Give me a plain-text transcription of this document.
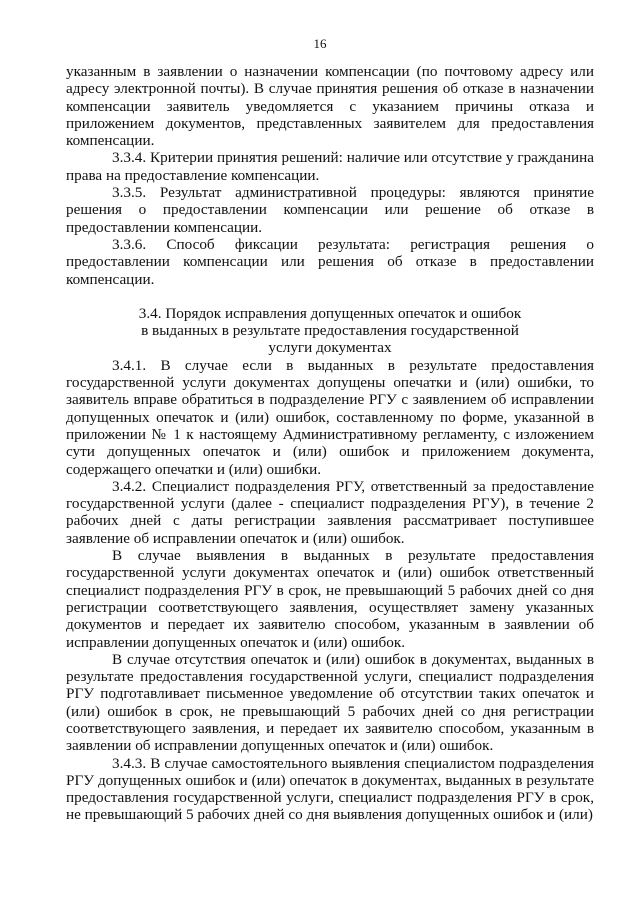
16

указанным в заявлении о назначении компенсации (по почтовому адресу или адресу электронной почты). В случае принятия решения об отказе в назначении компенсации заявитель уведомляется с указанием причины отказа и приложением документов, представленных заявителем для предоставления компенсации.

3.3.4. Критерии принятия решений: наличие или отсутствие у гражданина права на предоставление компенсации.

3.3.5. Результат административной процедуры: являются принятие решения о предоставлении компенсации или решение об отказе в предоставлении компенсации.

3.3.6. Способ фиксации результата: регистрация решения о предоставлении компенсации или решения об отказе в предоставлении компенсации.

3.4. Порядок исправления допущенных опечаток и ошибок в выданных в результате предоставления государственной услуги документах

3.4.1. В случае если в выданных в результате предоставления государственной услуги документах допущены опечатки и (или) ошибки, то заявитель вправе обратиться в подразделение РГУ с заявлением об исправлении допущенных опечаток и (или) ошибок, составленному по форме, указанной в приложении № 1 к настоящему Административному регламенту, с изложением сути допущенных опечаток и (или) ошибок и приложением документа, содержащего опечатки и (или) ошибки.

3.4.2. Специалист подразделения РГУ, ответственный за предоставление государственной услуги (далее - специалист подразделения РГУ), в течение 2 рабочих дней с даты регистрации заявления рассматривает поступившее заявление об исправлении опечаток и (или) ошибок.

В случае выявления в выданных в результате предоставления государственной услуги документах опечаток и (или) ошибок ответственный специалист подразделения РГУ в срок, не превышающий 5 рабочих дней со дня регистрации соответствующего заявления, осуществляет замену указанных документов и передает их заявителю способом, указанным в заявлении об исправлении допущенных опечаток и (или) ошибок.

В случае отсутствия опечаток и (или) ошибок в документах, выданных в результате предоставления государственной услуги, специалист подразделения РГУ подготавливает письменное уведомление об отсутствии таких опечаток и (или) ошибок в срок, не превышающий 5 рабочих дней со дня регистрации соответствующего заявления, и передает их заявителю способом, указанным в заявлении об исправлении допущенных опечаток и (или) ошибок.

3.4.3. В случае самостоятельного выявления специалистом подразделения РГУ допущенных ошибок и (или) опечаток в документах, выданных в результате предоставления государственной услуги, специалист подразделения РГУ в срок, не превышающий 5 рабочих дней со дня выявления допущенных ошибок и (или)
